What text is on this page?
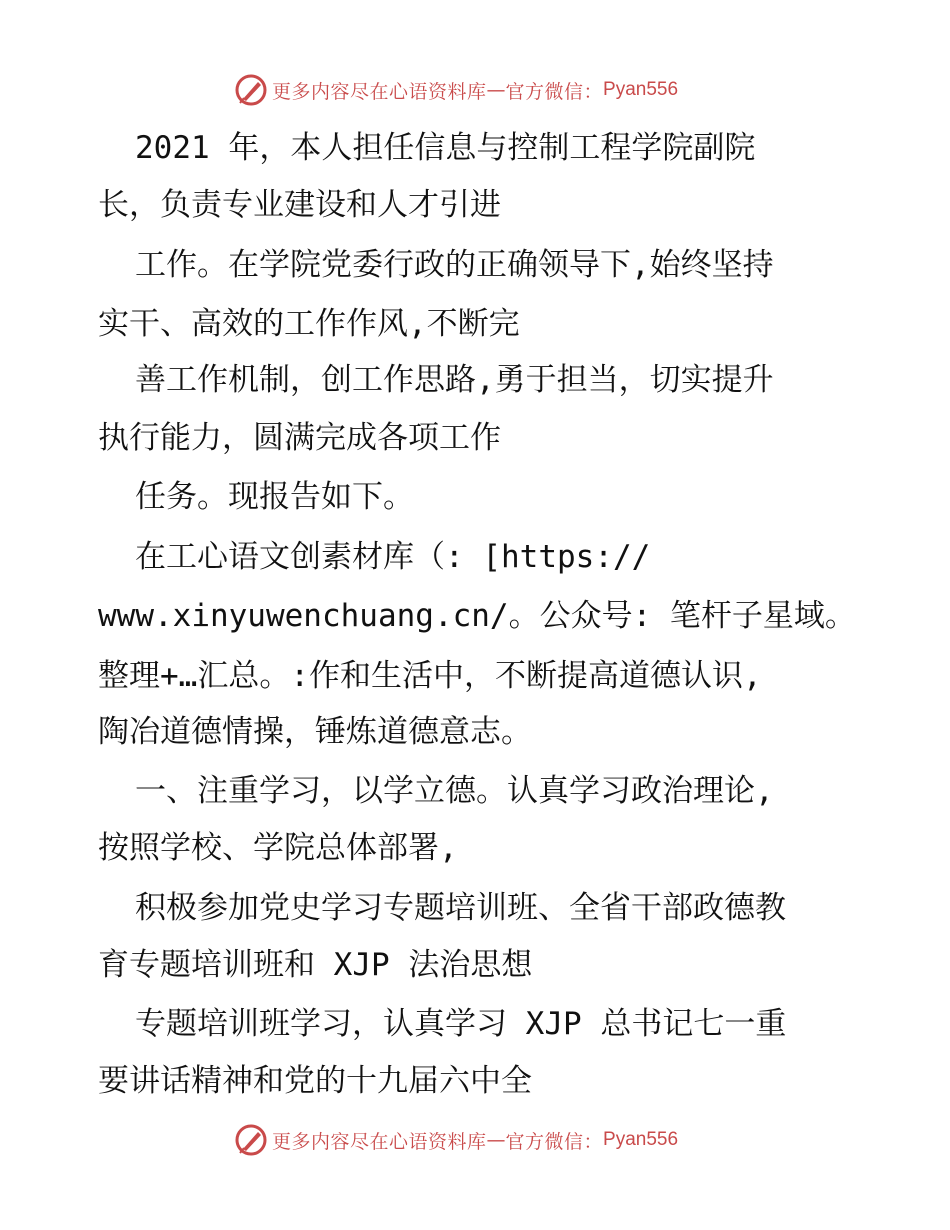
更多内容尽在心语资料库 — 官方微信： Pyan556
2021 年，本人担任信息与控制工程学院副院
长，负责专业建设和人才引进
工作。在学院党委行政的正确领导下,始终坚持
实干、高效的工作作风,不断完
善工作机制，创工作思路,勇于担当，切实提升
执行能力，圆满完成各项工作
任务。现报告如下。
在工心语文创素材库（: [https://
www.xinyuwenchuang.cn/。公众号: 笔杆子星域。
整理+…汇总。:作和生活中，不断提高道德认识,
陶冶道德情操，锤炼道德意志。
一、注重学习，以学立德。认真学习政治理论,
按照学校、学院总体部署,
积极参加党史学习专题培训班、全省干部政德教
育专题培训班和 XJP 法治思想
专题培训班学习，认真学习 XJP 总书记七一重
要讲话精神和党的十九届六中全
更多内容尽在心语资料库 — 官方微信： Pyan556
